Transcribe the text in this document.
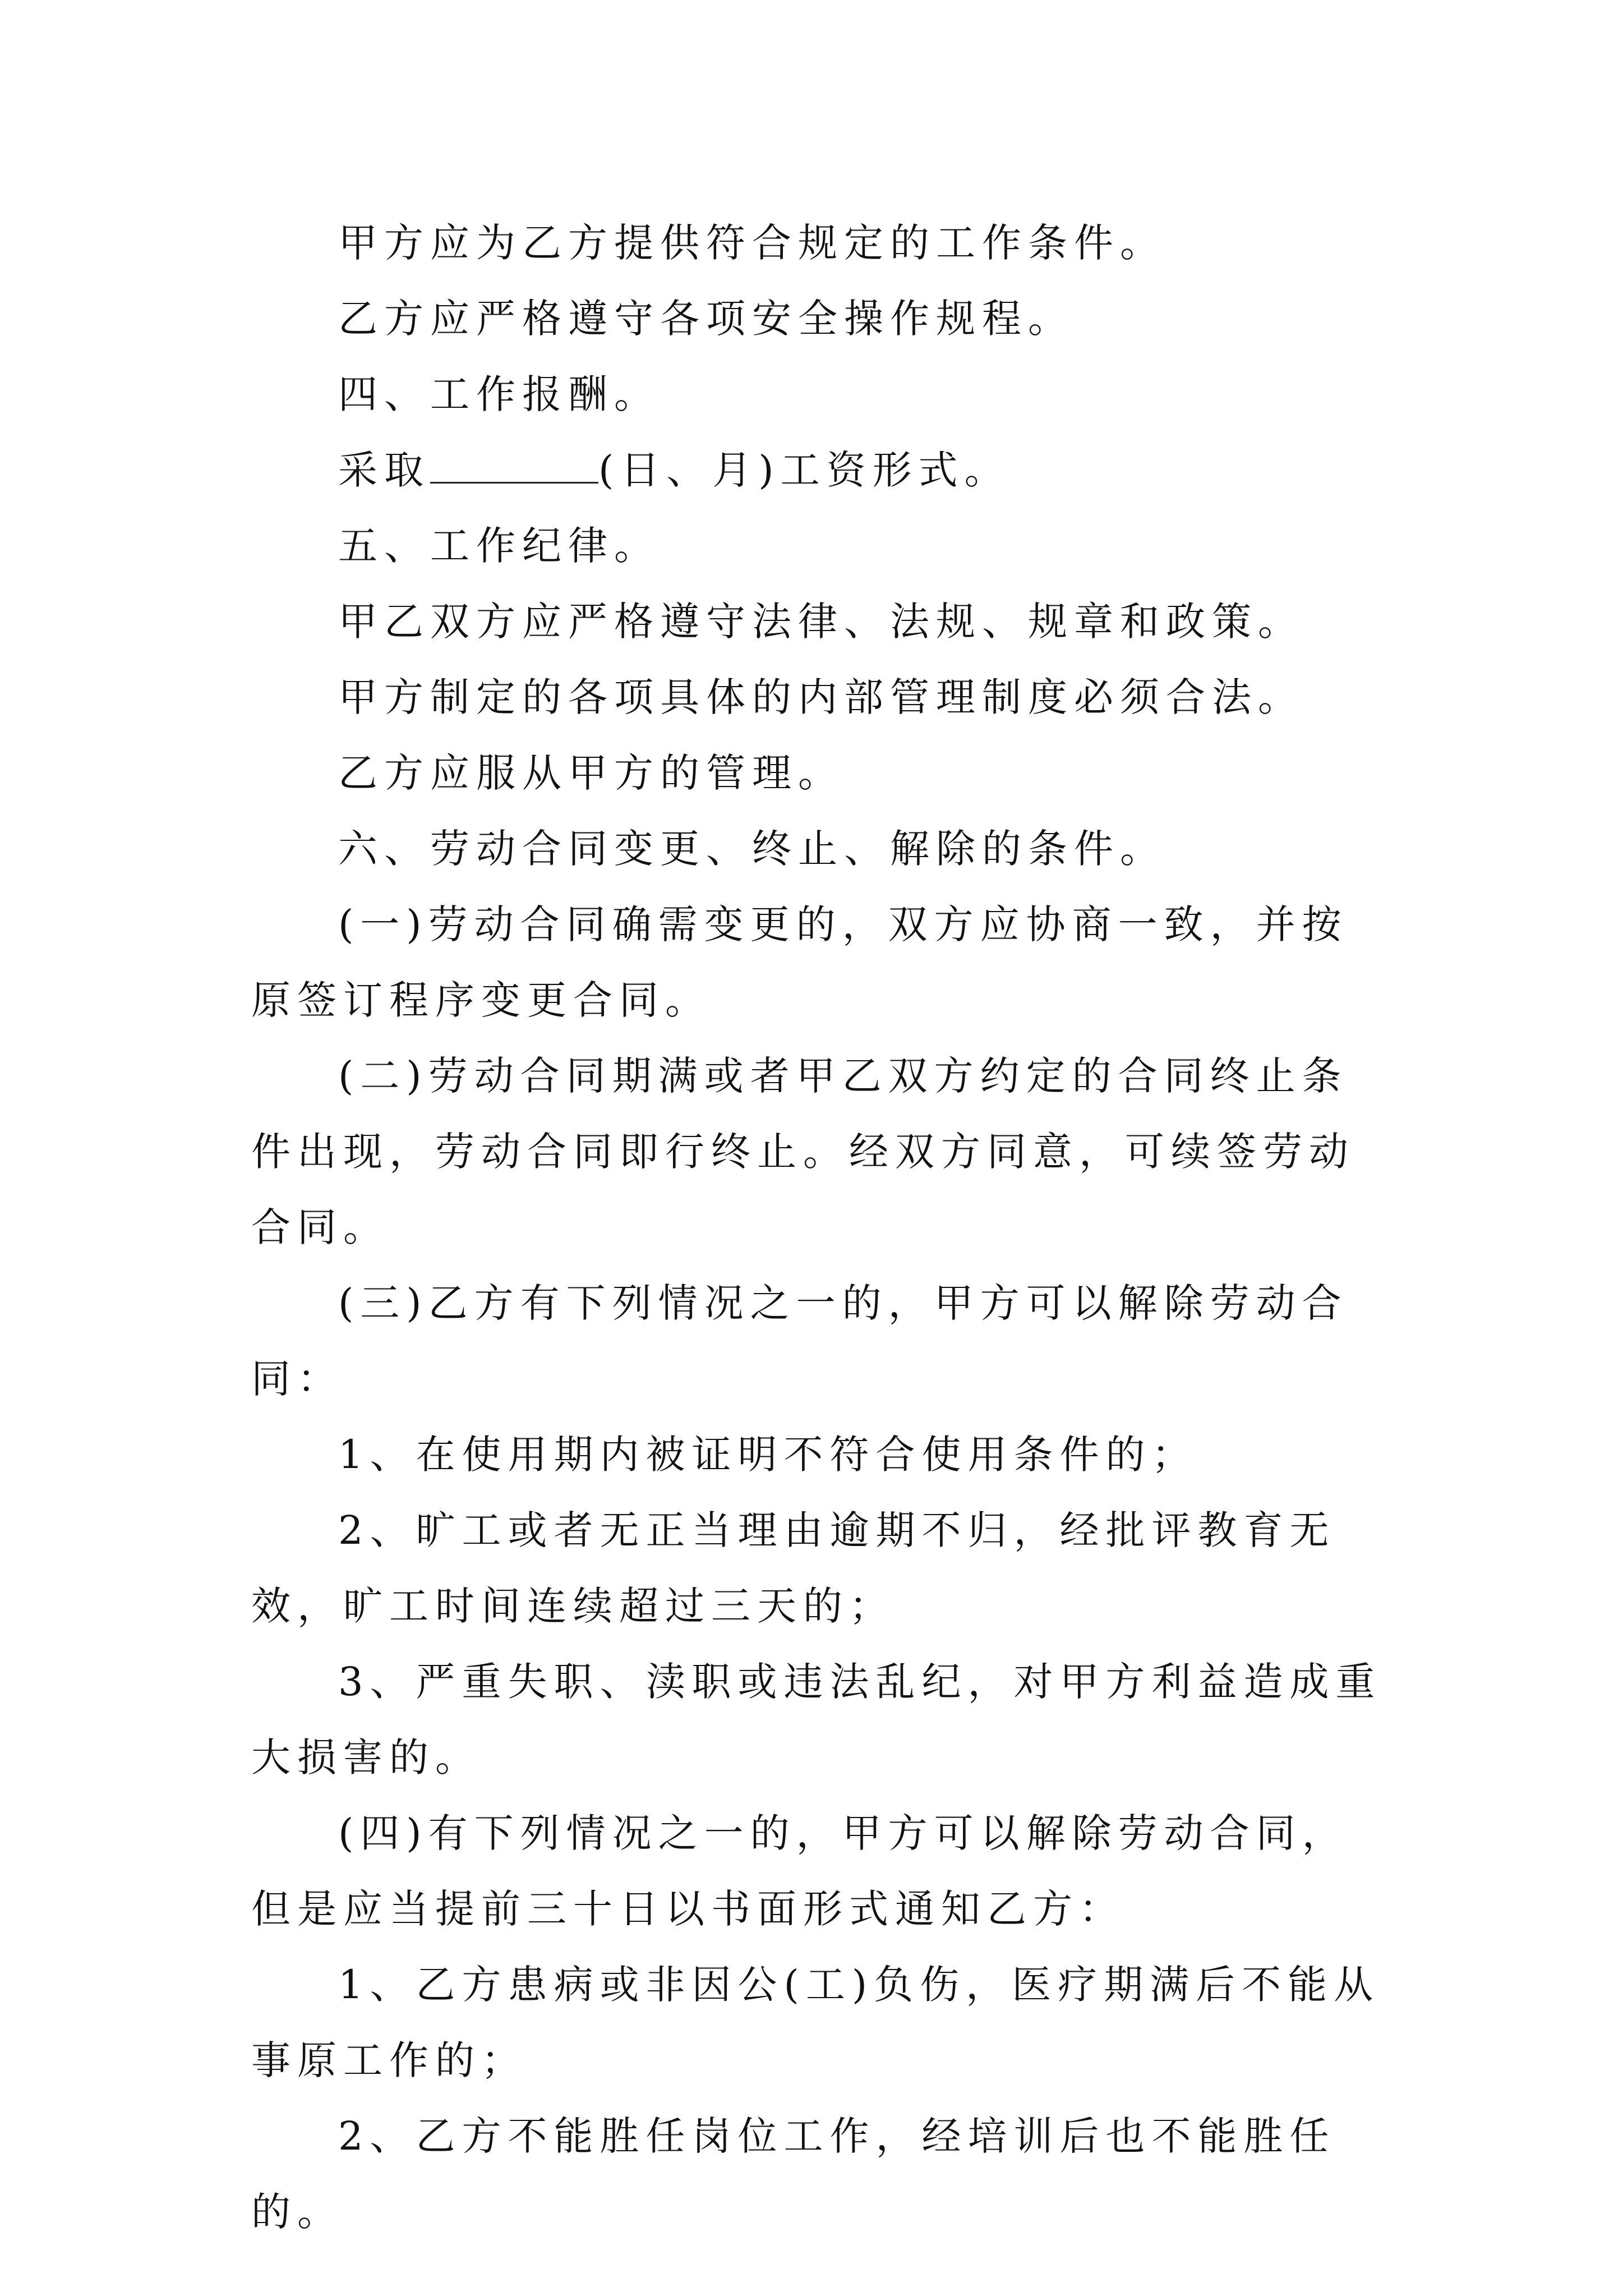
甲方应为乙方提供符合规定的工作条件。

乙方应严格遵守各项安全操作规程。

四、工作报酬。

采取	(日、月)工资形式。

五、工作纪律。

甲乙双方应严格遵守法律、法规、规章和政策。

甲方制定的各项具体的内部管理制度必须合法。

乙方应服从甲方的管理。

六、劳动合同变更、终止、解除的条件。

(一)劳动合同确需变更的，双方应协商一致，并按原签订程序变更合同。

(二)劳动合同期满或者甲乙双方约定的合同终止条件出现，劳动合同即行终止。经双方同意，可续签劳动合同。

(三)乙方有下列情况之一的，甲方可以解除劳动合同：

1、在使用期内被证明不符合使用条件的；

2、旷工或者无正当理由逾期不归，经批评教育无效，旷工时间连续超过三天的；

3、严重失职、渎职或违法乱纪，对甲方利益造成重大损害的。

(四)有下列情况之一的，甲方可以解除劳动合同，但是应当提前三十日以书面形式通知乙方：

1、乙方患病或非因公(工)负伤，医疗期满后不能从事原工作的；

2、乙方不能胜任岗位工作，经培训后也不能胜任的。
